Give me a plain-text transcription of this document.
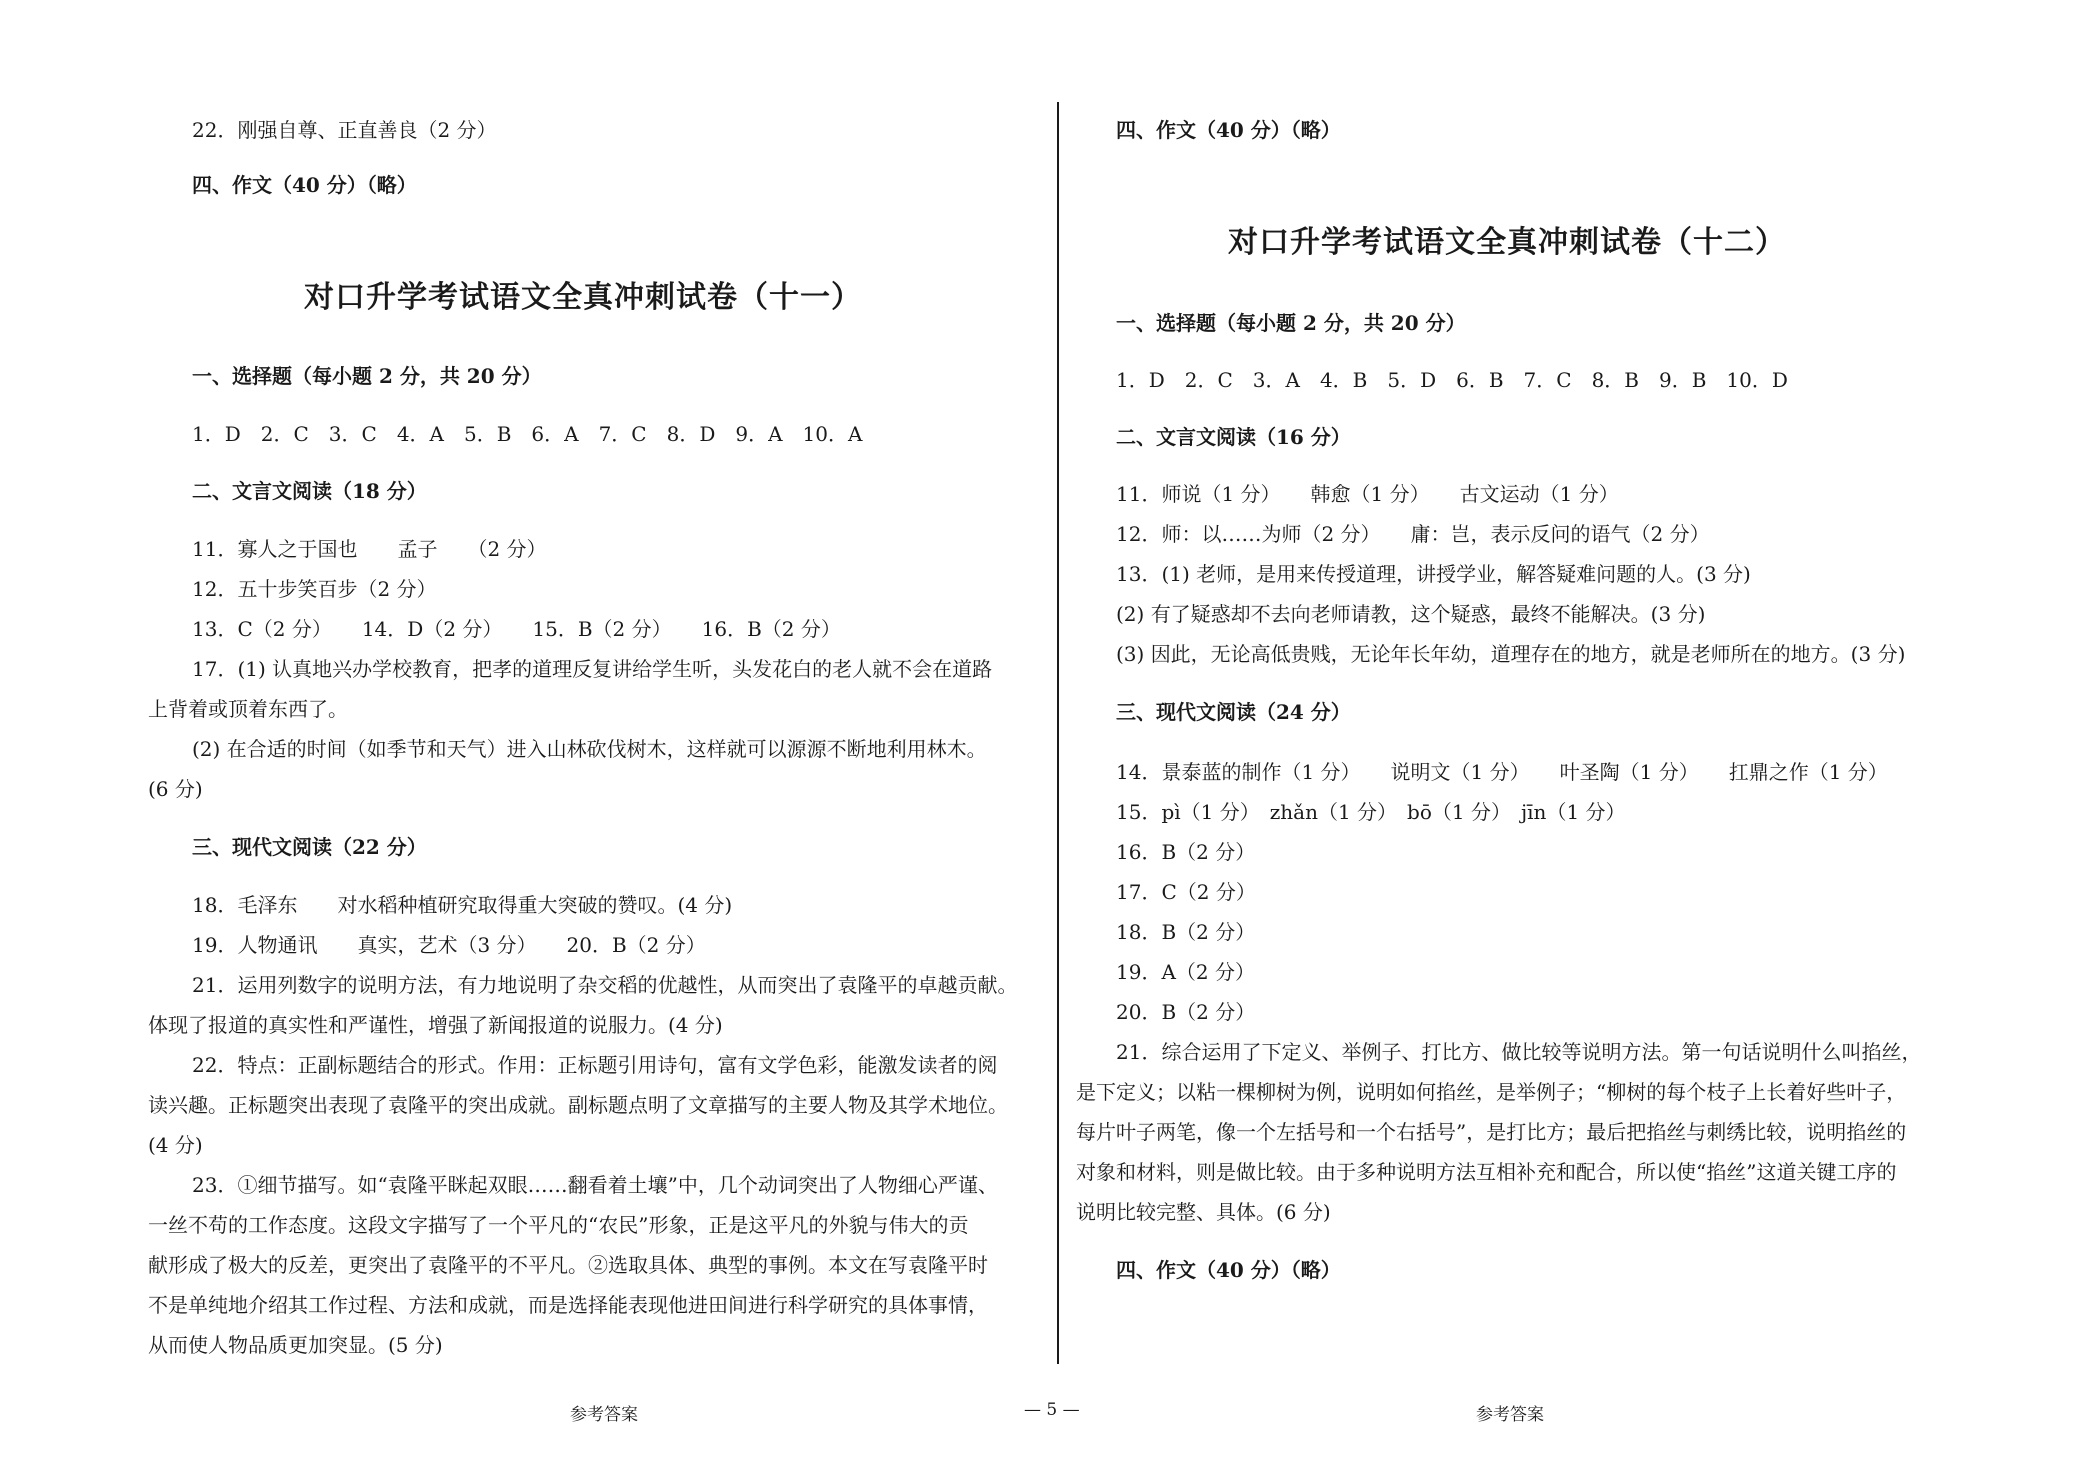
22．刚强自尊、正直善良（2 分）
四、作文（40 分）（略）
对口升学考试语文全真冲刺试卷（十一）
一、选择题（每小题 2 分，共 20 分）
1．D　2．C　3．C　4．A　5．B　6．A　7．C　8．D　9．A　10．A
二、文言文阅读（18 分）
11．寡人之于国也　　孟子　　（2 分）
12．五十步笑百步（2 分）
13．C（2 分）　　14．D（2 分）　　15．B（2 分）　　16．B（2 分）
17．(1) 认真地兴办学校教育，把孝的道理反复讲给学生听，头发花白的老人就不会在道路
上背着或顶着东西了。
(2) 在合适的时间（如季节和天气）进入山林砍伐树木，这样就可以源源不断地利用林木。
(6 分)
三、现代文阅读（22 分）
18．毛泽东　　对水稻种植研究取得重大突破的赞叹。(4 分)
19．人物通讯　　真实，艺术（3 分）　　20．B（2 分）
21．运用列数字的说明方法，有力地说明了杂交稻的优越性，从而突出了袁隆平的卓越贡献。
体现了报道的真实性和严谨性，增强了新闻报道的说服力。(4 分)
22．特点：正副标题结合的形式。作用：正标题引用诗句，富有文学色彩，能激发读者的阅
读兴趣。正标题突出表现了袁隆平的突出成就。副标题点明了文章描写的主要人物及其学术地位。
(4 分)
23．①细节描写。如“袁隆平眯起双眼……翻看着土壤”中，几个动词突出了人物细心严谨、
一丝不苟的工作态度。这段文字描写了一个平凡的“农民”形象，正是这平凡的外貌与伟大的贡
献形成了极大的反差，更突出了袁隆平的不平凡。②选取具体、典型的事例。本文在写袁隆平时
不是单纯地介绍其工作过程、方法和成就，而是选择能表现他进田间进行科学研究的具体事情，
从而使人物品质更加突显。(5 分)
四、作文（40 分）（略）
对口升学考试语文全真冲刺试卷（十二）
一、选择题（每小题 2 分，共 20 分）
1．D　2．C　3．A　4．B　5．D　6．B　7．C　8．B　9．B　10．D
二、文言文阅读（16 分）
11．师说（1 分）　　韩愈（1 分）　　古文运动（1 分）
12．师：以……为师（2 分）　　庸：岂，表示反问的语气（2 分）
13．(1) 老师，是用来传授道理，讲授学业，解答疑难问题的人。(3 分)
(2) 有了疑惑却不去向老师请教，这个疑惑，最终不能解决。(3 分)
(3) 因此，无论高低贵贱，无论年长年幼，道理存在的地方，就是老师所在的地方。(3 分)
三、现代文阅读（24 分）
14．景泰蓝的制作（1 分）　　说明文（1 分）　　叶圣陶（1 分）　　扛鼎之作（1 分）
15．pì（1 分）　zhǎn（1 分）　bō（1 分）　jīn（1 分）
16．B（2 分）
17．C（2 分）
18．B（2 分）
19．A（2 分）
20．B（2 分）
21．综合运用了下定义、举例子、打比方、做比较等说明方法。第一句话说明什么叫掐丝，
是下定义；以粘一棵柳树为例，说明如何掐丝，是举例子；“柳树的每个枝子上长着好些叶子，
每片叶子两笔，像一个左括号和一个右括号”，是打比方；最后把掐丝与刺绣比较，说明掐丝的
对象和材料，则是做比较。由于多种说明方法互相补充和配合，所以使“掐丝”这道关键工序的
说明比较完整、具体。(6 分)
四、作文（40 分）（略）
参考答案	— 5 —	参考答案
